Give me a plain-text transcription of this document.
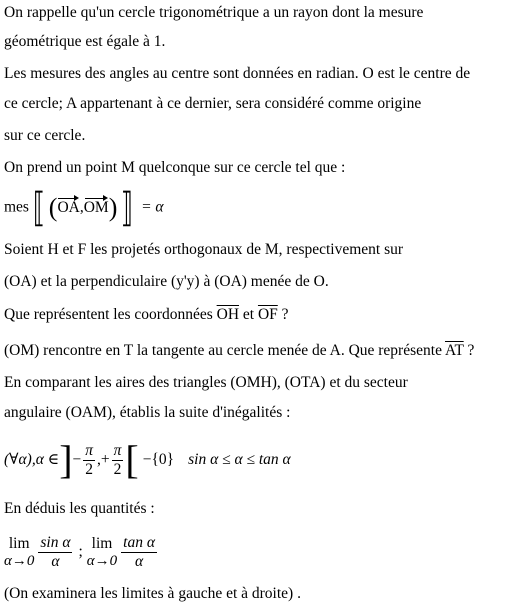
On rappelle qu'un cercle trigonométrique a un rayon dont la mesure
géométrique est égale à 1.
Les mesures des angles au centre sont données en radian. O est le centre de
ce cercle; A appartenant à ce dernier, sera considéré comme origine
sur ce cercle.
On prend un point M quelconque sur ce cercle tel que :
mes⟦ (OA,OM)⟧ = α
Soient H et F les projetés orthogonaux de M, respectivement sur
(OA) et la perpendiculaire (y'y) à (OA) menée de O.
Que représentent les coordonnées $\overline{OH}$ et $\overline{OF}$ ?
(OM) rencontre en T la tangente au cercle menée de A. Que représente $\overline{AT}$ ?
En comparant les aires des triangles (OMH), (OTA) et du secteur
angulaire (OAM), établis la suite d'inégalités :
(∀α),α ∈ ] − $\frac{\pi}{2}$ ,+ $\frac{\pi}{2}$ [ −{0} sin α ≤ α ≤ tan α
En déduis les quantités :
lim
$\alpha\to 0 \frac{\text{sin α}}{\alpha}$ ; lim
$\alpha\to 0 \frac{\text{tan α}}{\alpha}$
(On examinera les limites à gauche et à droite) .
